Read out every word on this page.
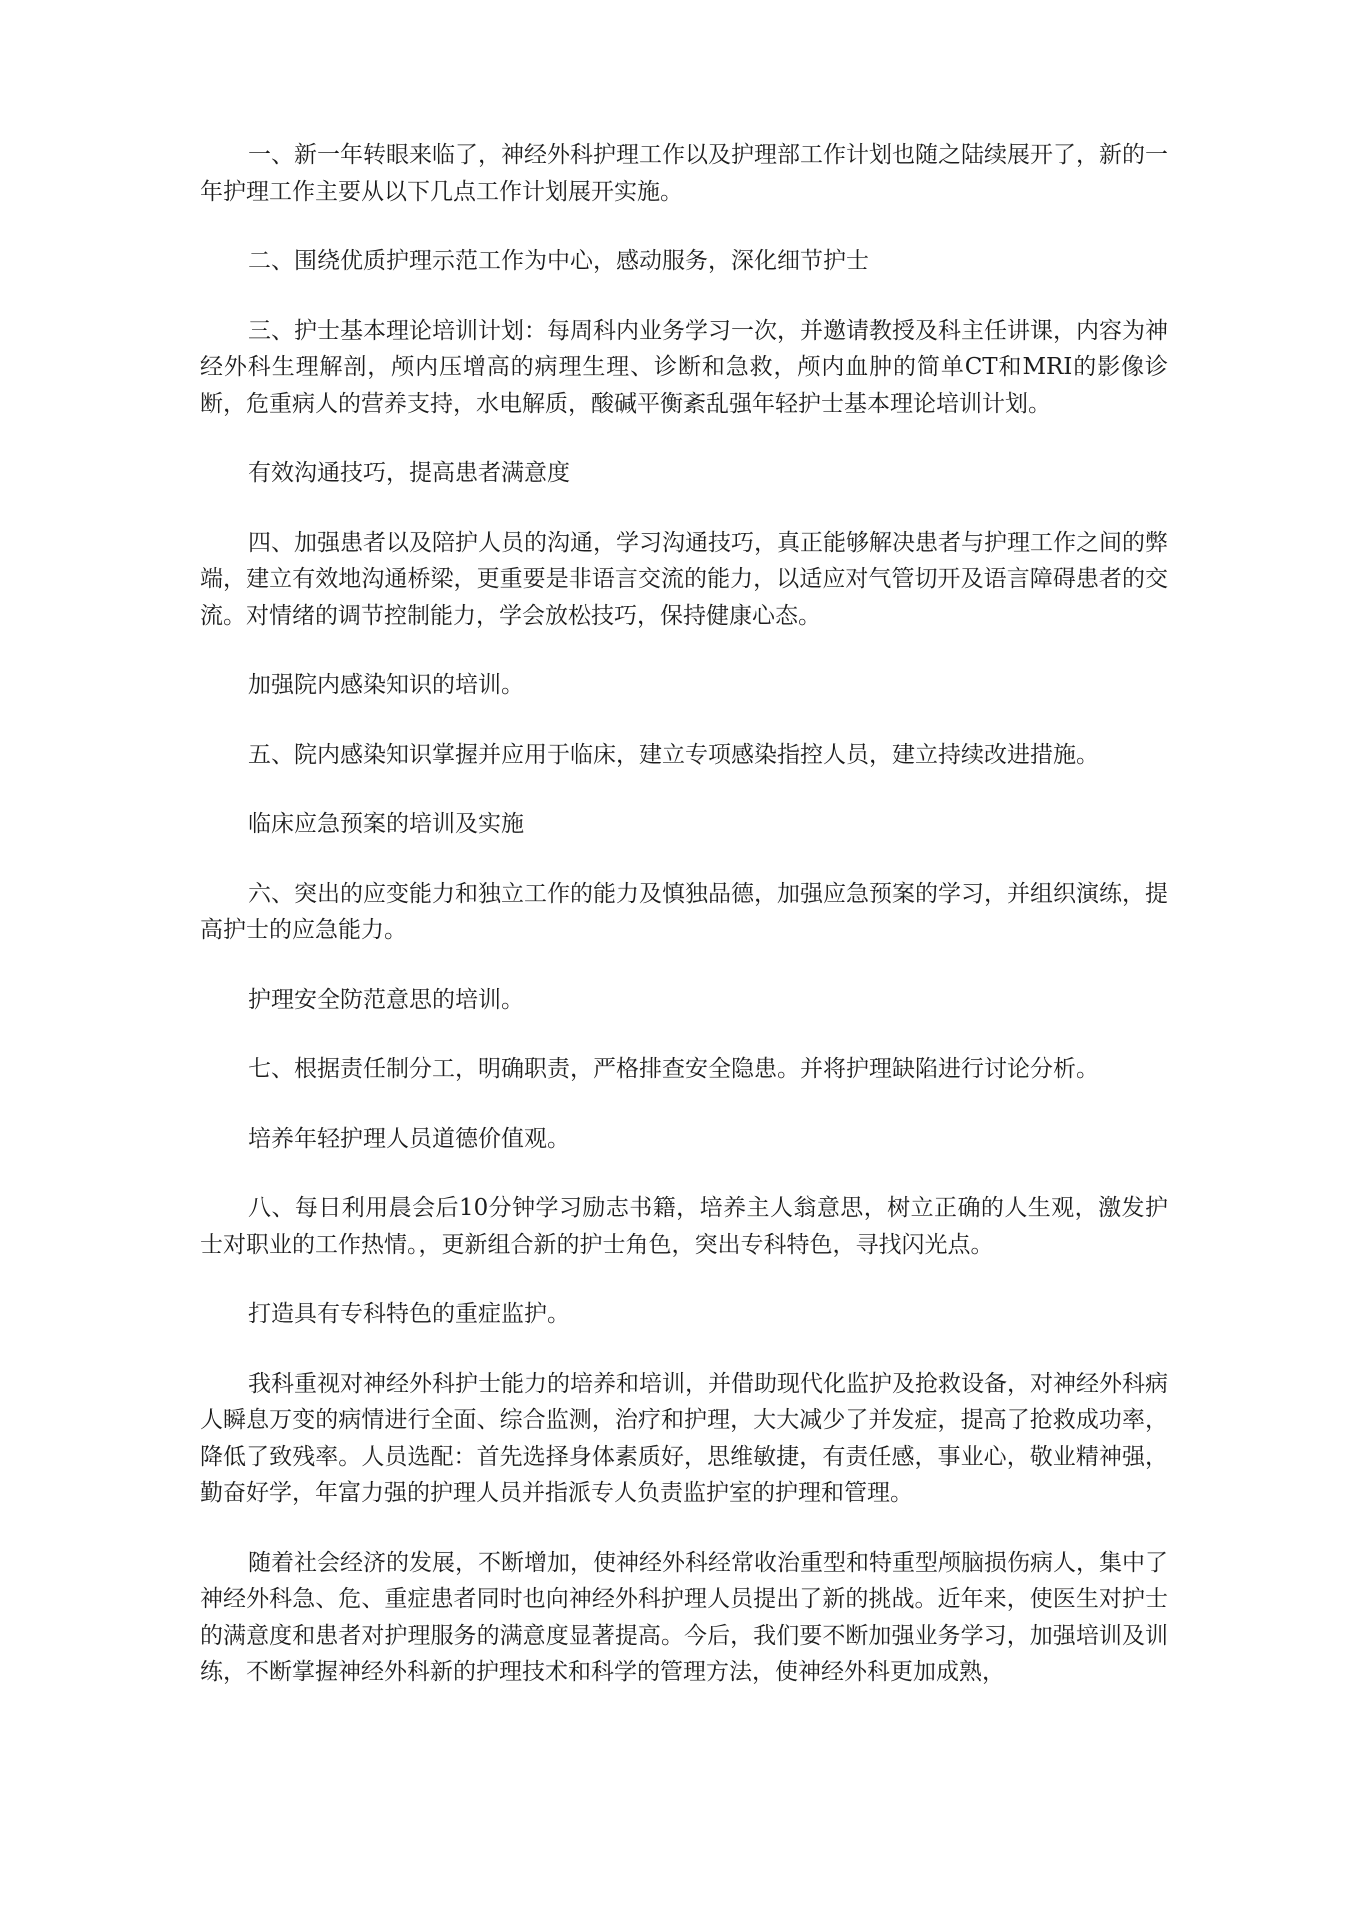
一、新一年转眼来临了，神经外科护理工作以及护理部工作计划也随之陆续展开了，新的一年护理工作主要从以下几点工作计划展开实施。

二、围绕优质护理示范工作为中心，感动服务，深化细节护士

三、护士基本理论培训计划：每周科内业务学习一次，并邀请教授及科主任讲课，内容为神经外科生理解剖，颅内压增高的病理生理、诊断和急救，颅内血肿的简单CT和MRI的影像诊断，危重病人的营养支持，水电解质，酸碱平衡紊乱强年轻护士基本理论培训计划。

有效沟通技巧，提高患者满意度

四、加强患者以及陪护人员的沟通，学习沟通技巧，真正能够解决患者与护理工作之间的弊端，建立有效地沟通桥梁，更重要是非语言交流的能力，以适应对气管切开及语言障碍患者的交流。对情绪的调节控制能力，学会放松技巧，保持健康心态。

加强院内感染知识的培训。

五、院内感染知识掌握并应用于临床，建立专项感染指控人员，建立持续改进措施。

临床应急预案的培训及实施

六、突出的应变能力和独立工作的能力及慎独品德，加强应急预案的学习，并组织演练，提高护士的应急能力。

护理安全防范意思的培训。

七、根据责任制分工，明确职责，严格排查安全隐患。并将护理缺陷进行讨论分析。

培养年轻护理人员道德价值观。

八、每日利用晨会后10分钟学习励志书籍，培养主人翁意思，树立正确的人生观，激发护士对职业的工作热情。，更新组合新的护士角色，突出专科特色，寻找闪光点。

打造具有专科特色的重症监护。

我科重视对神经外科护士能力的培养和培训，并借助现代化监护及抢救设备，对神经外科病人瞬息万变的病情进行全面、综合监测，治疗和护理，大大减少了并发症，提高了抢救成功率，降低了致残率。人员选配：首先选择身体素质好，思维敏捷，有责任感，事业心，敬业精神强，勤奋好学，年富力强的护理人员并指派专人负责监护室的护理和管理。

随着社会经济的发展，不断增加，使神经外科经常收治重型和特重型颅脑损伤病人，集中了神经外科急、危、重症患者同时也向神经外科护理人员提出了新的挑战。近年来，使医生对护士的满意度和患者对护理服务的满意度显著提高。今后，我们要不断加强业务学习，加强培训及训练，不断掌握神经外科新的护理技术和科学的管理方法，使神经外科更加成熟，
